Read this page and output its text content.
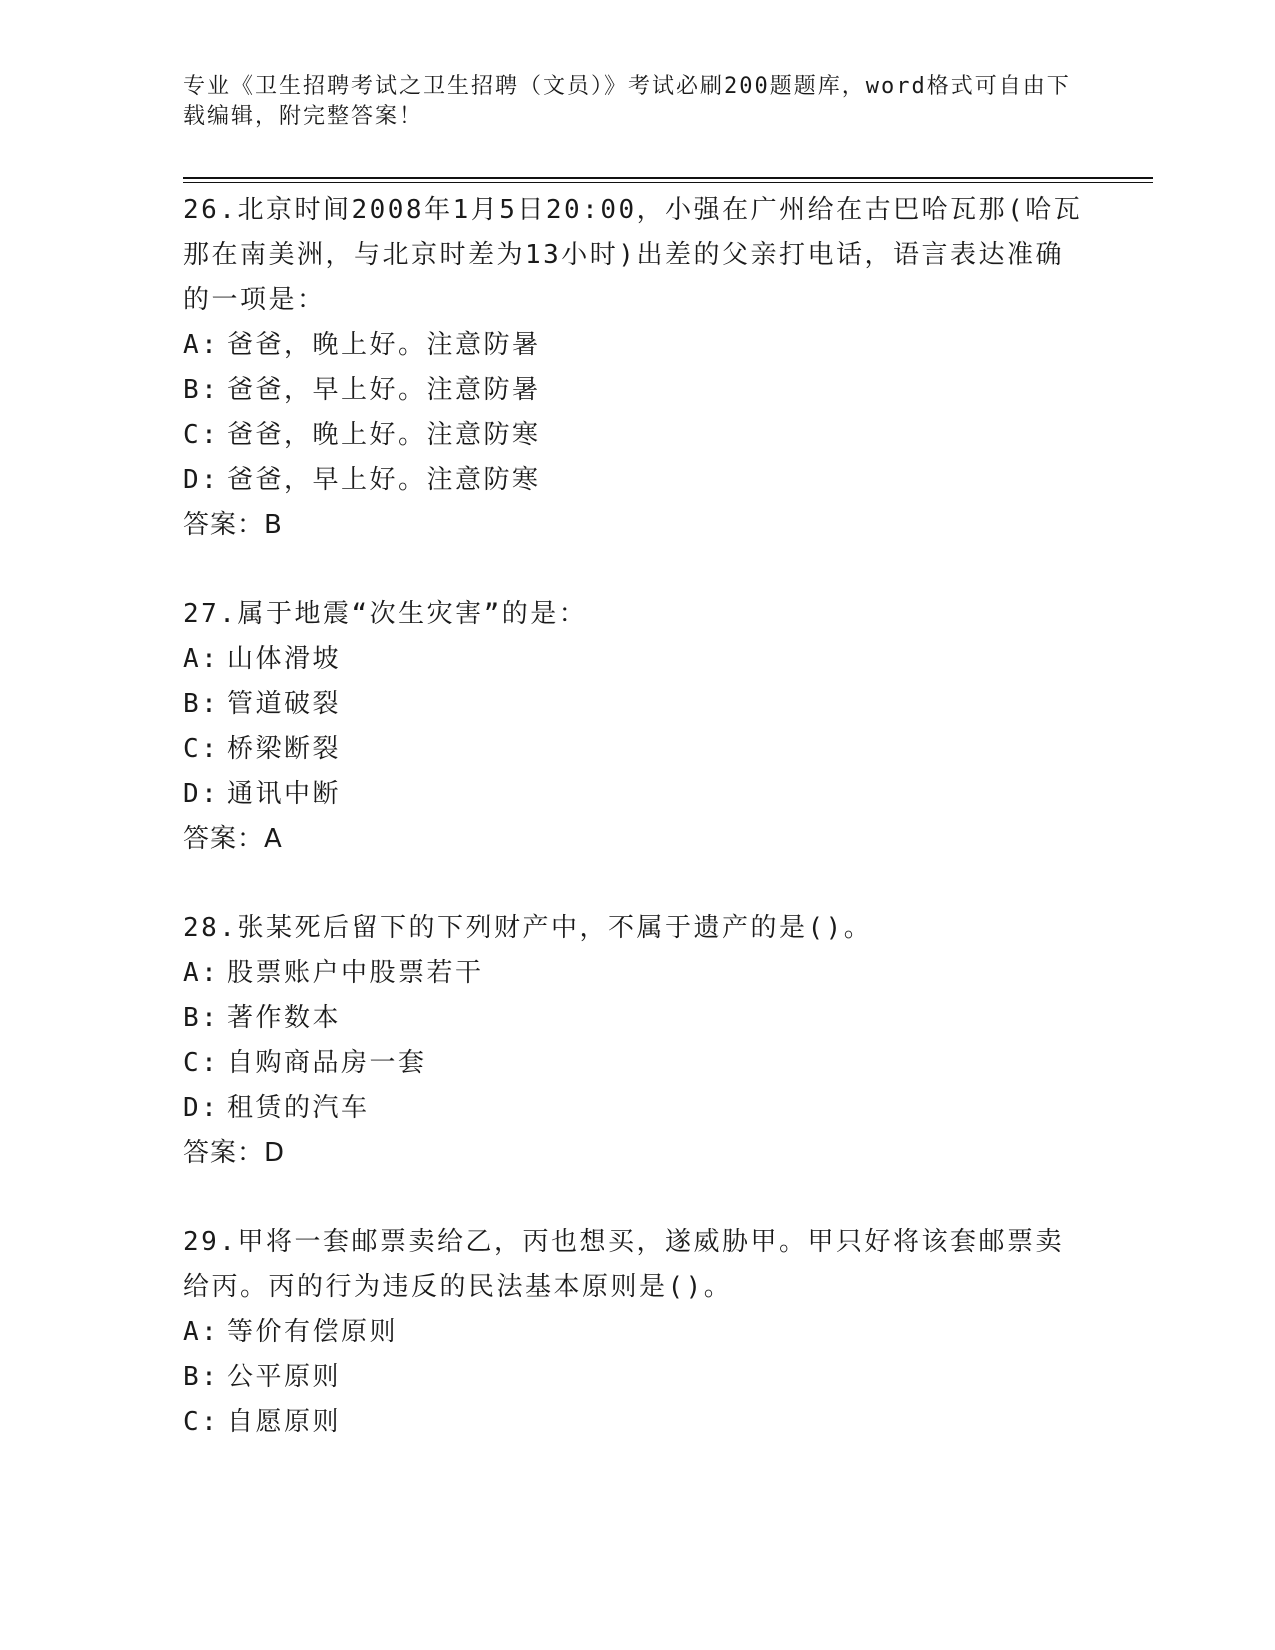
专业《卫生招聘考试之卫生招聘（文员）》考试必刷200题题库，word格式可自由下载编辑，附完整答案！
26.北京时间2008年1月5日20:00，小强在广州给在古巴哈瓦那(哈瓦那在南美洲，与北京时差为13小时)出差的父亲打电话，语言表达准确的一项是：
A: 爸爸，晚上好。注意防暑
B: 爸爸，早上好。注意防暑
C: 爸爸，晚上好。注意防寒
D: 爸爸，早上好。注意防寒
答案：B
27.属于地震“次生灾害”的是：
A: 山体滑坡
B: 管道破裂
C: 桥梁断裂
D: 通讯中断
答案：A
28.张某死后留下的下列财产中，不属于遗产的是()。
A: 股票账户中股票若干
B: 著作数本
C: 自购商品房一套
D: 租赁的汽车
答案：D
29.甲将一套邮票卖给乙，丙也想买，遂威胁甲。甲只好将该套邮票卖给丙。丙的行为违反的民法基本原则是()。
A: 等价有偿原则
B: 公平原则
C: 自愿原则
